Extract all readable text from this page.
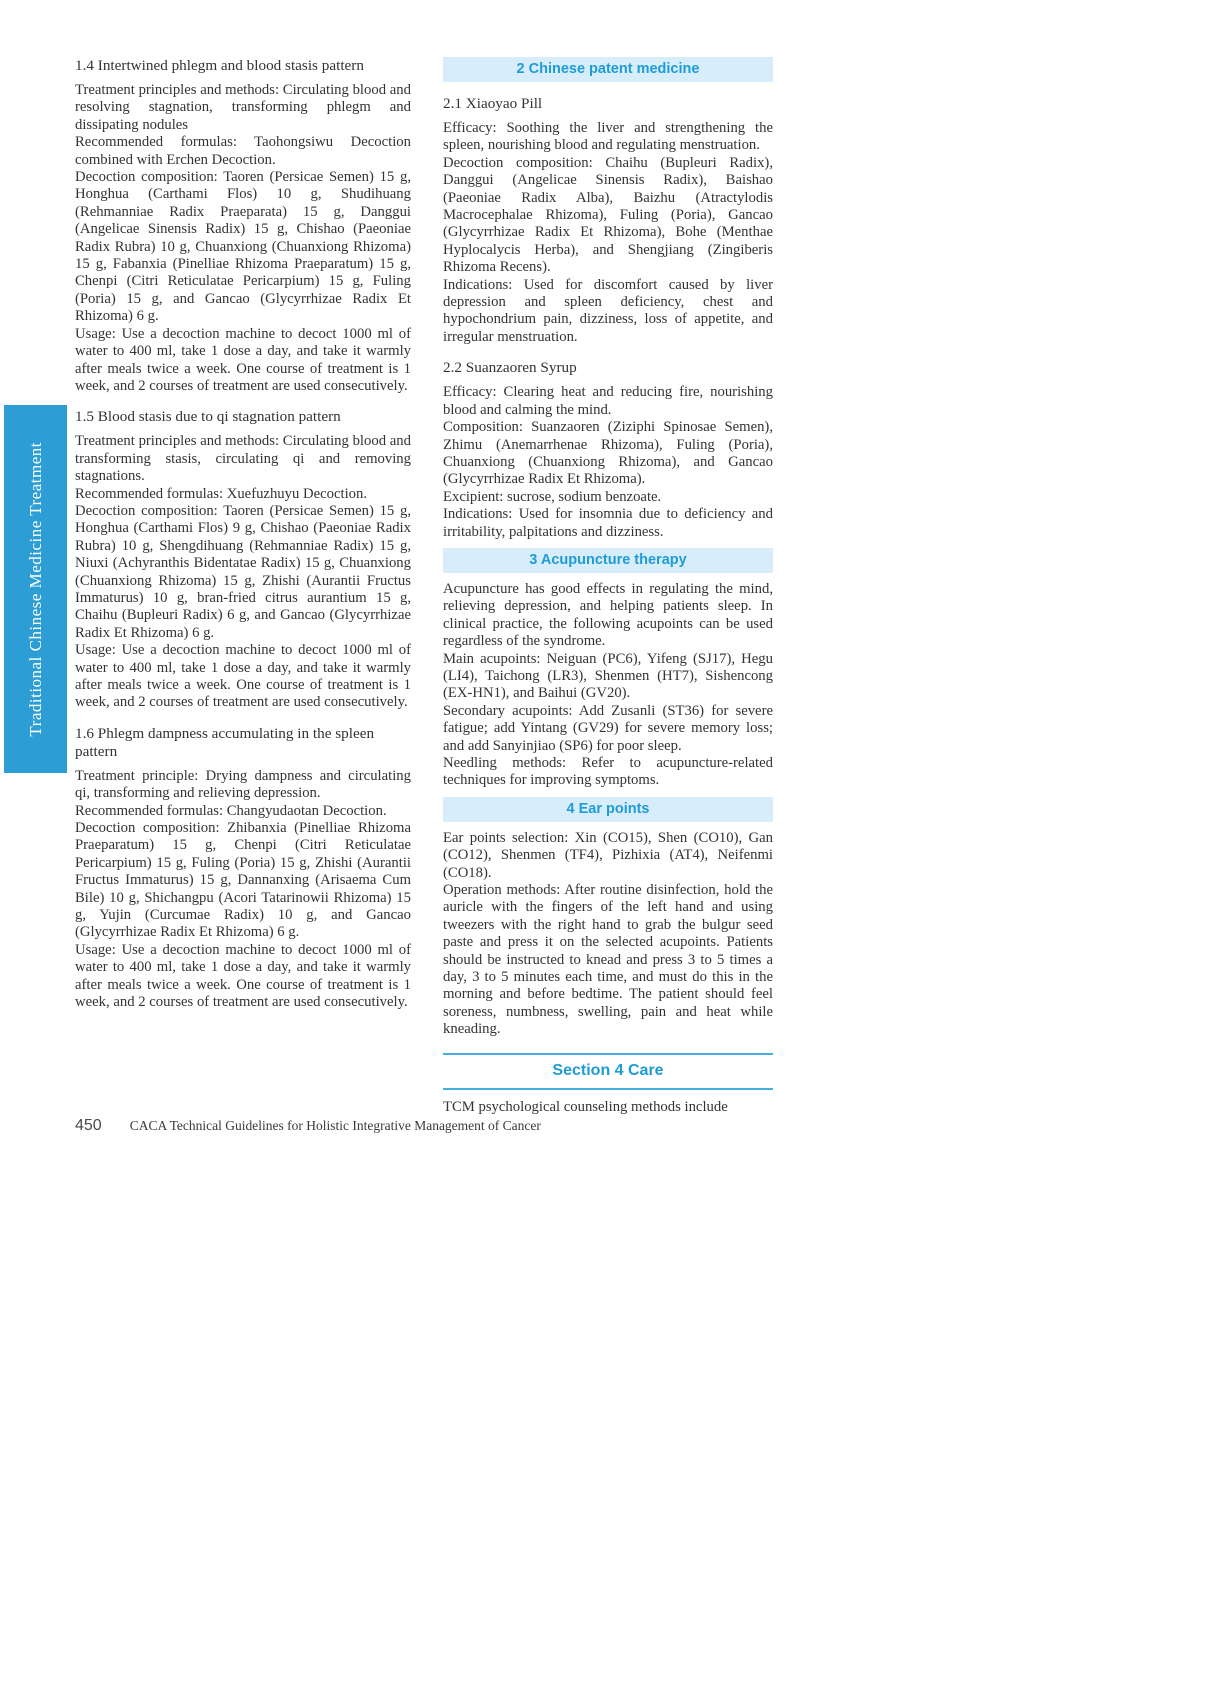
Traditional Chinese Medicine Treatment
1.4 Intertwined phlegm and blood stasis pattern
Treatment principles and methods: Circulating blood and resolving stagnation, transforming phlegm and dissipating nodules
Recommended formulas: Taohongsiwu Decoction combined with Erchen Decoction.
Decoction composition: Taoren (Persicae Semen) 15 g, Honghua (Carthami Flos) 10 g, Shudihuang (Rehmanniae Radix Praeparata) 15 g, Danggui (Angelicae Sinensis Radix) 15 g, Chishao (Paeoniae Radix Rubra) 10 g, Chuanxiong (Chuanxiong Rhizoma) 15 g, Fabanxia (Pinelliae Rhizoma Praeparatum) 15 g, Chenpi (Citri Reticulatae Pericarpium) 15 g, Fuling (Poria) 15 g, and Gancao (Glycyrrhizae Radix Et Rhizoma) 6 g.
Usage: Use a decoction machine to decoct 1000 ml of water to 400 ml, take 1 dose a day, and take it warmly after meals twice a week. One course of treatment is 1 week, and 2 courses of treatment are used consecutively.
1.5 Blood stasis due to qi stagnation pattern
Treatment principles and methods: Circulating blood and transforming stasis, circulating qi and removing stagnations.
Recommended formulas: Xuefuzhuyu Decoction.
Decoction composition: Taoren (Persicae Semen) 15 g, Honghua (Carthami Flos) 9 g, Chishao (Paeoniae Radix Rubra) 10 g, Shengdihuang (Rehmanniae Radix) 15 g, Niuxi (Achyranthis Bidentatae Radix) 15 g, Chuanxiong (Chuanxiong Rhizoma) 15 g, Zhishi (Aurantii Fructus Immaturus) 10 g, bran-fried citrus aurantium 15 g, Chaihu (Bupleuri Radix) 6 g, and Gancao (Glycyrrhizae Radix Et Rhizoma) 6 g.
Usage: Use a decoction machine to decoct 1000 ml of water to 400 ml, take 1 dose a day, and take it warmly after meals twice a week. One course of treatment is 1 week, and 2 courses of treatment are used consecutively.
1.6 Phlegm dampness accumulating in the spleen pattern
Treatment principle: Drying dampness and circulating qi, transforming and relieving depression.
Recommended formulas: Changyudaotan Decoction.
Decoction composition: Zhibanxia (Pinelliae Rhizoma Praeparatum) 15 g, Chenpi (Citri Reticulatae Pericarpium) 15 g, Fuling (Poria) 15 g, Zhishi (Aurantii Fructus Immaturus) 15 g, Dannanxing (Arisaema Cum Bile) 10 g, Shichangpu (Acori Tatarinowii Rhizoma) 15 g, Yujin (Curcumae Radix) 10 g, and Gancao (Glycyrrhizae Radix Et Rhizoma) 6 g.
Usage: Use a decoction machine to decoct 1000 ml of water to 400 ml, take 1 dose a day, and take it warmly after meals twice a week. One course of treatment is 1 week, and 2 courses of treatment are used consecutively.
2 Chinese patent medicine
2.1 Xiaoyao Pill
Efficacy: Soothing the liver and strengthening the spleen, nourishing blood and regulating menstruation.
Decoction composition: Chaihu (Bupleuri Radix), Danggui (Angelicae Sinensis Radix), Baishao (Paeoniae Radix Alba), Baizhu (Atractylodis Macrocephalae Rhizoma), Fuling (Poria), Gancao (Glycyrrhizae Radix Et Rhizoma), Bohe (Menthae Hyplocalycis Herba), and Shengjiang (Zingiberis Rhizoma Recens).
Indications: Used for discomfort caused by liver depression and spleen deficiency, chest and hypochondrium pain, dizziness, loss of appetite, and irregular menstruation.
2.2 Suanzaoren Syrup
Efficacy: Clearing heat and reducing fire, nourishing blood and calming the mind.
Composition: Suanzaoren (Ziziphi Spinosae Semen), Zhimu (Anemarrhenae Rhizoma), Fuling (Poria), Chuanxiong (Chuanxiong Rhizoma), and Gancao (Glycyrrhizae Radix Et Rhizoma).
Excipient: sucrose, sodium benzoate.
Indications: Used for insomnia due to deficiency and irritability, palpitations and dizziness.
3 Acupuncture therapy
Acupuncture has good effects in regulating the mind, relieving depression, and helping patients sleep. In clinical practice, the following acupoints can be used regardless of the syndrome.
Main acupoints: Neiguan (PC6), Yifeng (SJ17), Hegu (LI4), Taichong (LR3), Shenmen (HT7), Sishencong (EX-HN1), and Baihui (GV20).
Secondary acupoints: Add Zusanli (ST36) for severe fatigue; add Yintang (GV29) for severe memory loss; and add Sanyinjiao (SP6) for poor sleep.
Needling methods: Refer to acupuncture-related techniques for improving symptoms.
4 Ear points
Ear points selection: Xin (CO15), Shen (CO10), Gan (CO12), Shenmen (TF4), Pizhixia (AT4), Neifenmi (CO18).
Operation methods: After routine disinfection, hold the auricle with the fingers of the left hand and using tweezers with the right hand to grab the bulgur seed paste and press it on the selected acupoints. Patients should be instructed to knead and press 3 to 5 times a day, 3 to 5 minutes each time, and must do this in the morning and before bedtime. The patient should feel soreness, numbness, swelling, pain and heat while kneading.
Section 4 Care
TCM psychological counseling methods include
450 CACA Technical Guidelines for Holistic Integrative Management of Cancer
